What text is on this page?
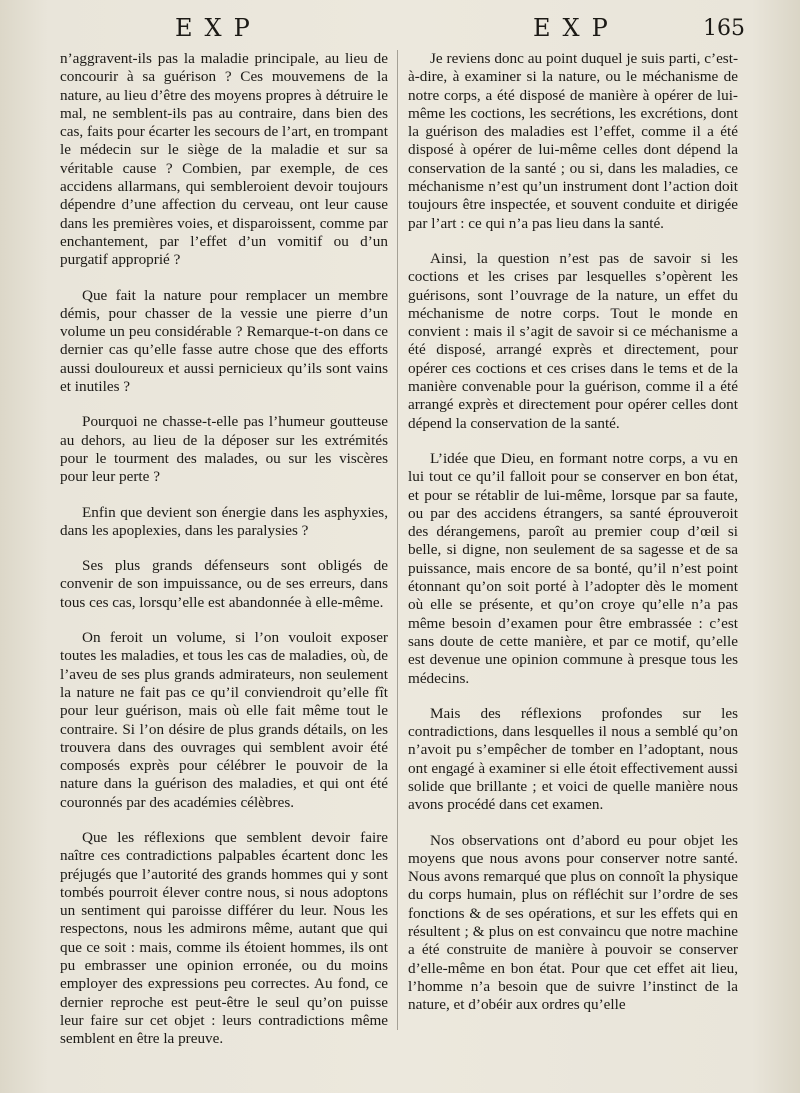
EXP	EXP	165

n’aggravent-ils pas la maladie principale, au lieu de concourir à sa guérison ? Ces mouvemens de la nature, au lieu d’être des moyens propres à détruire le mal, ne semblent-ils pas au contraire, dans bien des cas, faits pour écarter les secours de l’art, en trompant le médecin sur le siège de la maladie et sur sa véritable cause ? Combien, par exemple, de ces accidens allarmans, qui sembleroient devoir toujours dépendre d’une affection du cerveau, ont leur cause dans les premières voies, et disparoissent, comme par enchantement, par l’effet d’un vomitif ou d’un purgatif approprié ?

Que fait la nature pour remplacer un membre démis, pour chasser de la vessie une pierre d’un volume un peu considérable ? Remarque-t-on dans ce dernier cas qu’elle fasse autre chose que des efforts aussi douloureux et aussi pernicieux qu’ils sont vains et inutiles ?

Pourquoi ne chasse-t-elle pas l’humeur goutteuse au dehors, au lieu de la déposer sur les extrémités pour le tourment des malades, ou sur les viscères pour leur perte ?

Enfin que devient son énergie dans les asphyxies, dans les apoplexies, dans les paralysies ?

Ses plus grands défenseurs sont obligés de convenir de son impuissance, ou de ses erreurs, dans tous ces cas, lorsqu’elle est abandonnée à elle-même.

On feroit un volume, si l’on vouloit exposer toutes les maladies, et tous les cas de maladies, où, de l’aveu de ses plus grands admirateurs, non seulement la nature ne fait pas ce qu’il conviendroit qu’elle fît pour leur guérison, mais où elle fait même tout le contraire. Si l’on désire de plus grands détails, on les trouvera dans des ouvrages qui semblent avoir été composés exprès pour célébrer le pouvoir de la nature dans la guérison des maladies, et qui ont été couronnés par des académies célèbres.

Que les réflexions que semblent devoir faire naître ces contradictions palpables écartent donc les préjugés que l’autorité des grands hommes qui y sont tombés pourroit élever contre nous, si nous adoptons un sentiment qui paroisse différer du leur. Nous les respectons, nous les admirons même, autant que qui que ce soit : mais, comme ils étoient hommes, ils ont pu embrasser une opinion erronée, ou du moins employer des expressions peu correctes. Au fond, ce dernier reproche est peut-être le seul qu’on puisse leur faire sur cet objet : leurs contradictions même semblent en être la preuve.

Je reviens donc au point duquel je suis parti, c’est-à-dire, à examiner si la nature, ou le méchanisme de notre corps, a été disposé de manière à opérer de lui-même les coctions, les secrétions, les excrétions, dont la guérison des maladies est l’effet, comme il a été disposé à opérer de lui-même celles dont dépend la conservation de la santé ; ou si, dans les maladies, ce méchanisme n’est qu’un instrument dont l’action doit toujours être inspectée, et souvent conduite et dirigée par l’art : ce qui n’a pas lieu dans la santé.

Ainsi, la question n’est pas de savoir si les coctions et les crises par lesquelles s’opèrent les guérisons, sont l’ouvrage de la nature, un effet du méchanisme de notre corps. Tout le monde en convient : mais il s’agit de savoir si ce méchanisme a été disposé, arrangé exprès et directement, pour opérer ces coctions et ces crises dans le tems et de la manière convenable pour la guérison, comme il a été arrangé exprès et directement pour opérer celles dont dépend la conservation de la santé.

L’idée que Dieu, en formant notre corps, a vu en lui tout ce qu’il falloit pour se conserver en bon état, et pour se rétablir de lui-même, lorsque par sa faute, ou par des accidens étrangers, sa santé éprouveroit des dérangemens, paroît au premier coup d’œil si belle, si digne, non seulement de sa sagesse et de sa puissance, mais encore de sa bonté, qu’il n’est point étonnant qu’on soit porté à l’adopter dès le moment où elle se présente, et qu’on croye qu’elle n’a pas même besoin d’examen pour être embrassée : c’est sans doute de cette manière, et par ce motif, qu’elle est devenue une opinion commune à presque tous les médecins.

Mais des réflexions profondes sur les contradictions, dans lesquelles il nous a semblé qu’on n’avoit pu s’empêcher de tomber en l’adoptant, nous ont engagé à examiner si elle étoit effectivement aussi solide que brillante ; et voici de quelle manière nous avons procédé dans cet examen.

Nos observations ont d’abord eu pour objet les moyens que nous avons pour conserver notre santé. Nous avons remarqué que plus on connoît la physique du corps humain, plus on réfléchit sur l’ordre de ses fonctions & de ses opérations, et sur les effets qui en résultent ; & plus on est convaincu que notre machine a été construite de manière à pouvoir se conserver d’elle-même en bon état. Pour que cet effet ait lieu, l’homme n’a besoin que de suivre l’instinct de la nature, et d’obéir aux ordres qu’elle
